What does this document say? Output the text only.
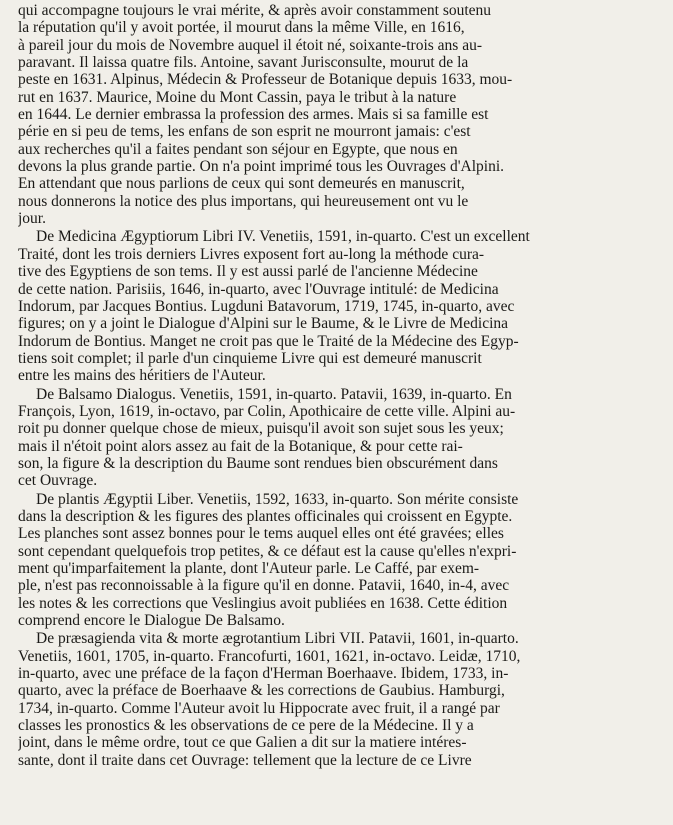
qui accompagne toujours le vrai mérite, & après avoir constamment soutenu
la réputation qu'il y avoit portée, il mourut dans la même Ville, en 1616,
à pareil jour du mois de Novembre auquel il étoit né, soixante-trois ans au-
paravant. Il laissa quatre fils. Antoine, savant Jurisconsulte, mourut de la
peste en 1631. Alpinus, Médecin & Professeur de Botanique depuis 1633, mou-
rut en 1637. Maurice, Moine du Mont Cassin, paya le tribut à la nature
en 1644. Le dernier embrassa la profession des armes. Mais si sa famille est
périe en si peu de tems, les enfans de son esprit ne mourront jamais: c'est
aux recherches qu'il a faites pendant son séjour en Egypte, que nous en
devons la plus grande partie. On n'a point imprimé tous les Ouvrages d'Alpini.
En attendant que nous parlions de ceux qui sont demeurés en manuscrit,
nous donnerons la notice des plus importans, qui heureusement ont vu le
jour.
De Medicina Ægyptiorum Libri IV. Venetiis, 1591, in-quarto. C'est un excellent
Traité, dont les trois derniers Livres exposent fort au-long la méthode cura-
tive des Egyptiens de son tems. Il y est aussi parlé de l'ancienne Médecine
de cette nation. Parisiis, 1646, in-quarto, avec l'Ouvrage intitulé: de Medicina
Indorum, par Jacques Bontius. Lugduni Batavorum, 1719, 1745, in-quarto, avec
figures; on y a joint le Dialogue d'Alpini sur le Baume, & le Livre de Medicina
Indorum de Bontius. Manget ne croit pas que le Traité de la Médecine des Egyp-
tiens soit complet; il parle d'un cinquieme Livre qui est demeuré manuscrit
entre les mains des héritiers de l'Auteur.
De Balsamo Dialogus. Venetiis, 1591, in-quarto. Patavii, 1639, in-quarto. En
François, Lyon, 1619, in-octavo, par Colin, Apothicaire de cette ville. Alpini au-
roit pu donner quelque chose de mieux, puisqu'il avoit son sujet sous les yeux;
mais il n'étoit point alors assez au fait de la Botanique, & pour cette rai-
son, la figure & la description du Baume sont rendues bien obscurément dans
cet Ouvrage.
De plantis Ægyptii Liber. Venetiis, 1592, 1633, in-quarto. Son mérite consiste
dans la description & les figures des plantes officinales qui croissent en Egypte.
Les planches sont assez bonnes pour le tems auquel elles ont été gravées; elles
sont cependant quelquefois trop petites, & ce défaut est la cause qu'elles n'expri-
ment qu'imparfaitement la plante, dont l'Auteur parle. Le Caffé, par exem-
ple, n'est pas reconnoissable à la figure qu'il en donne. Patavii, 1640, in-4, avec
les notes & les corrections que Veslingius avoit publiées en 1638. Cette édition
comprend encore le Dialogue De Balsamo.
De præsagienda vita & morte ægrotantium Libri VII. Patavii, 1601, in-quarto.
Venetiis, 1601, 1705, in-quarto. Francofurti, 1601, 1621, in-octavo. Leidæ, 1710,
in-quarto, avec une préface de la façon d'Herman Boerhaave. Ibidem, 1733, in-
quarto, avec la préface de Boerhaave & les corrections de Gaubius. Hamburgi,
1734, in-quarto. Comme l'Auteur avoit lu Hippocrate avec fruit, il a rangé par
classes les pronostics & les observations de ce pere de la Médecine. Il y a
joint, dans le même ordre, tout ce que Galien a dit sur la matiere intéres-
sante, dont il traite dans cet Ouvrage: tellement que la lecture de ce Livre
